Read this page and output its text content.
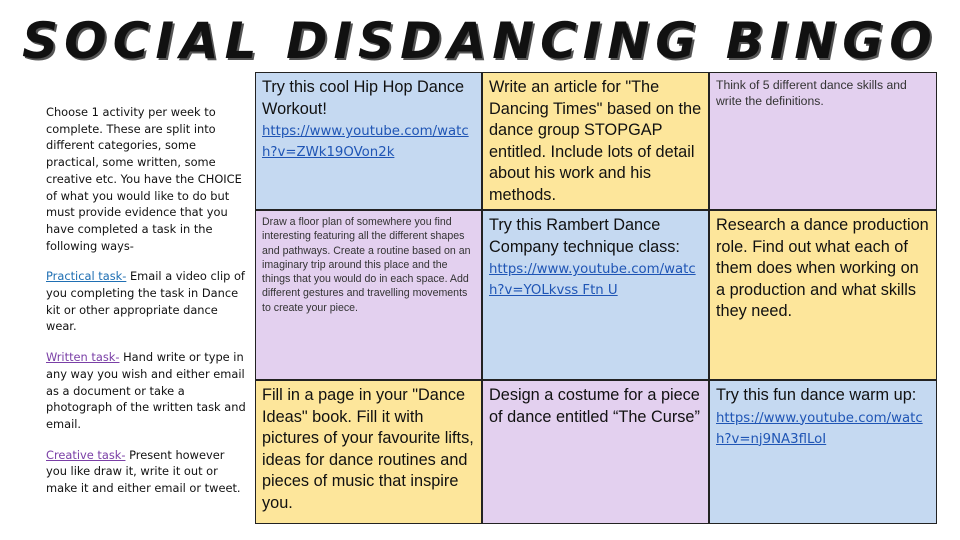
SOCIAL DISDANCING BINGO

Choose 1 activity per week to complete. These are split into different categories, some practical, some written, some creative etc. You have the CHOICE of what you would like to do but must provide evidence that you have completed a task in the following ways-

Practical task- Email a video clip of you completing the task in Dance kit or other appropriate dance wear.

Written task- Hand write or type in any way you wish and either email as a document or take a photograph of the written task and email.

Creative task- Present however you like draw it, write it out or make it and either email or tweet.

Try this cool Hip Hop Dance Workout!
https://www.youtube.com/watch?v=ZWk19OVon2k
Write an article for "The Dancing Times" based on the dance group STOPGAP entitled. Include lots of detail about his work and his methods.
Think of 5 different dance skills and write the definitions.
Draw a floor plan of somewhere you find interesting featuring all the different shapes and pathways. Create a routine based on an imaginary trip around this place and the things that you would do in each space. Add different gestures and travelling movements to create your piece.
Try this Rambert Dance Company technique class:
https://www.youtube.com/watch?v=YOLkvss Ftn U
Research a dance production role. Find out what each of them does when working on a production and what skills they need.
Fill in a page in your "Dance Ideas" book. Fill it with pictures of your favourite lifts, ideas for dance routines and pieces of music that inspire you.
Design a costume for a piece of dance entitled “The Curse”
Try this fun dance warm up:
https://www.youtube.com/watch?v=nj9NA3flLoI
